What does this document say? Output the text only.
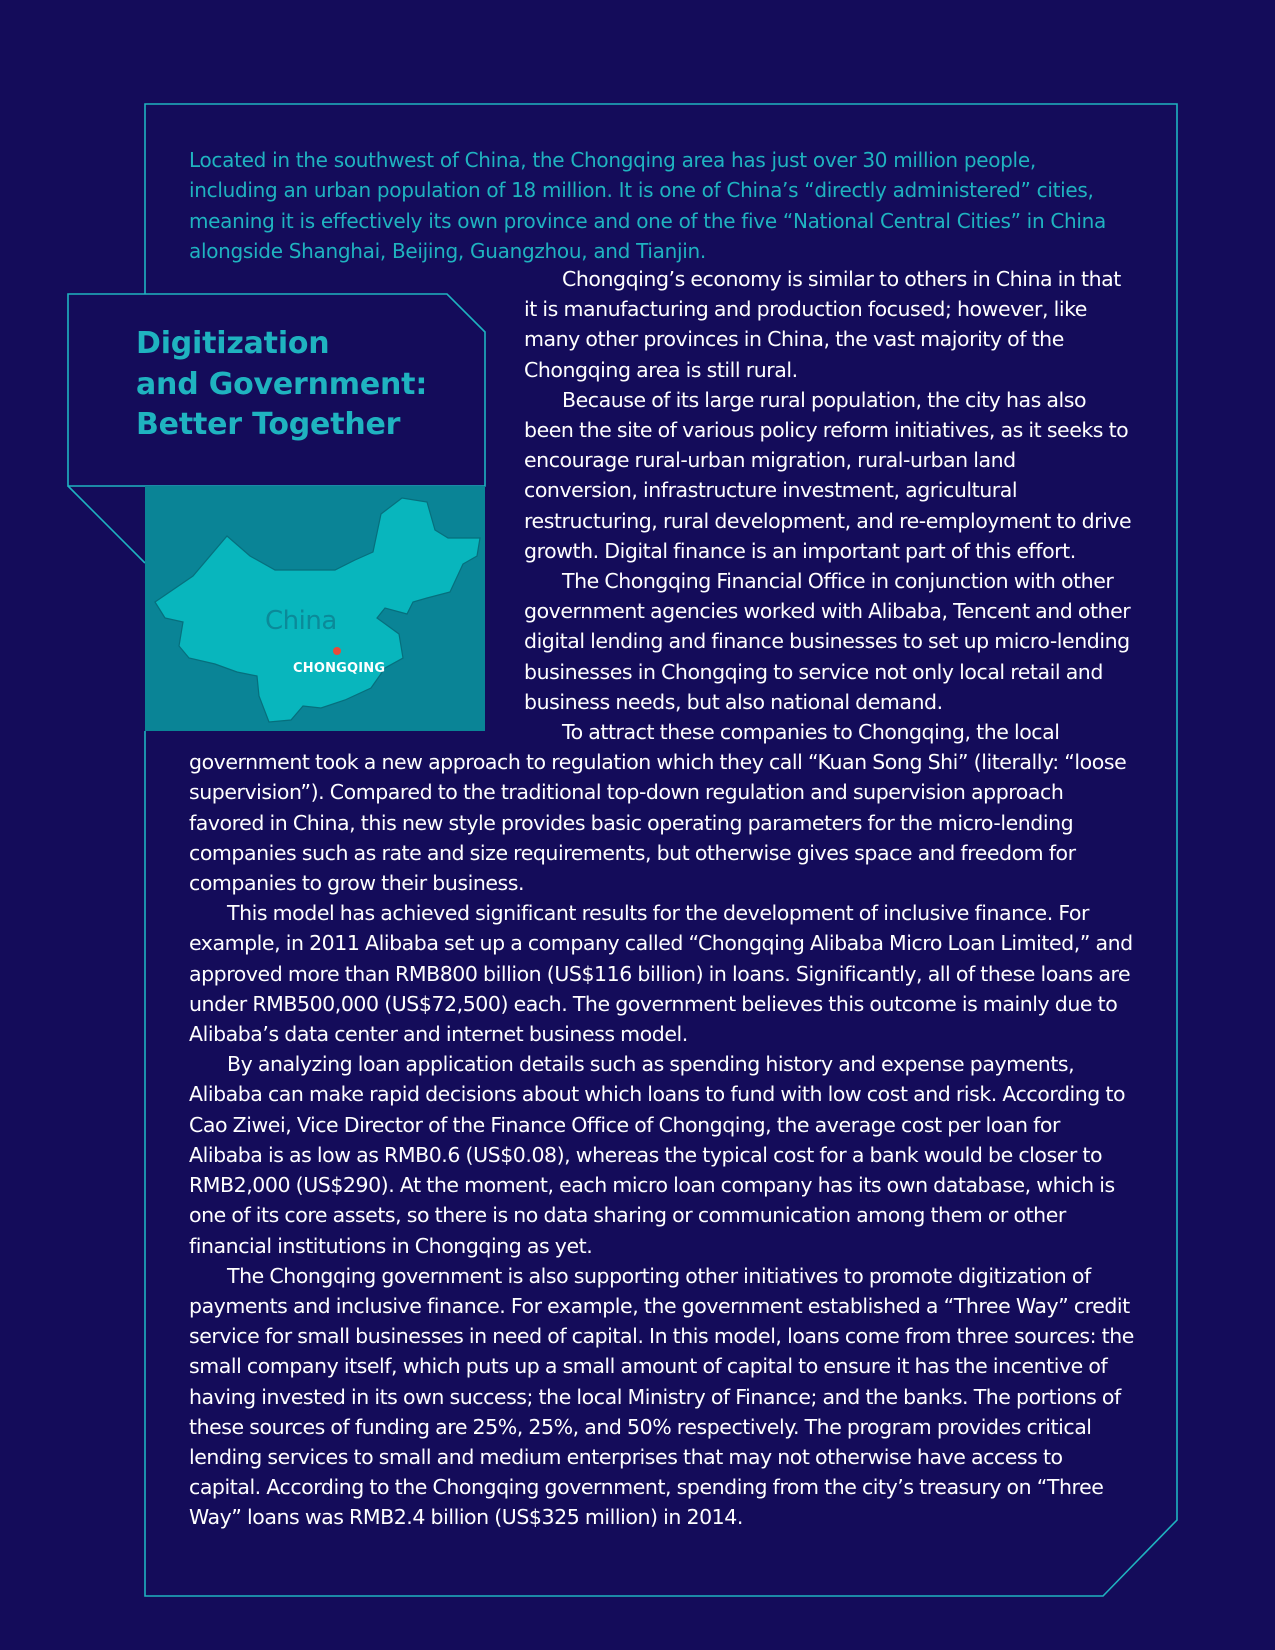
Located in the southwest of China, the Chongqing area has just over 30 million people, including an urban population of 18 million. It is one of China’s “directly administered” cities, meaning it is effectively its own province and one of the five “National Central Cities” in China alongside Shanghai, Beijing, Guangzhou, and Tianjin.

Digitization
and Government:
Better Together
China
CHONGQING

Chongqing’s economy is similar to others in China in that it is manufacturing and production focused; however, like many other provinces in China, the vast majority of the Chongqing area is still rural.

Because of its large rural population, the city has also been the site of various policy reform initiatives, as it seeks to encourage rural-urban migration, rural-urban land conversion, infrastructure investment, agricultural restructuring, rural development, and re-employment to drive growth. Digital finance is an important part of this effort.

The Chongqing Financial Office in conjunction with other government agencies worked with Alibaba, Tencent and other digital lending and finance businesses to set up micro-lending businesses in Chongqing to service not only local retail and business needs, but also national demand.

To attract these companies to Chongqing, the local government took a new approach to regulation which they call “Kuan Song Shi” (literally: “loose supervision”). Compared to the traditional top-down regulation and supervision approach favored in China, this new style provides basic operating parameters for the micro-lending companies such as rate and size requirements, but otherwise gives space and freedom for companies to grow their business.

This model has achieved significant results for the development of inclusive finance. For example, in 2011 Alibaba set up a company called “Chongqing Alibaba Micro Loan Limited,” and approved more than RMB800 billion (US$116 billion) in loans. Significantly, all of these loans are under RMB500,000 (US$72,500) each. The government believes this outcome is mainly due to Alibaba’s data center and internet business model.

By analyzing loan application details such as spending history and expense payments, Alibaba can make rapid decisions about which loans to fund with low cost and risk. According to Cao Ziwei, Vice Director of the Finance Office of Chongqing, the average cost per loan for Alibaba is as low as RMB0.6 (US$0.08), whereas the typical cost for a bank would be closer to RMB2,000 (US$290). At the moment, each micro loan company has its own database, which is one of its core assets, so there is no data sharing or communication among them or other financial institutions in Chongqing as yet.

The Chongqing government is also supporting other initiatives to promote digitization of payments and inclusive finance. For example, the government established a “Three Way” credit service for small businesses in need of capital. In this model, loans come from three sources: the small company itself, which puts up a small amount of capital to ensure it has the incentive of having invested in its own success; the local Ministry of Finance; and the banks. The portions of these sources of funding are 25%, 25%, and 50% respectively. The program provides critical lending services to small and medium enterprises that may not otherwise have access to capital. According to the Chongqing government, spending from the city’s treasury on “Three Way” loans was RMB2.4 billion (US$325 million) in 2014.
